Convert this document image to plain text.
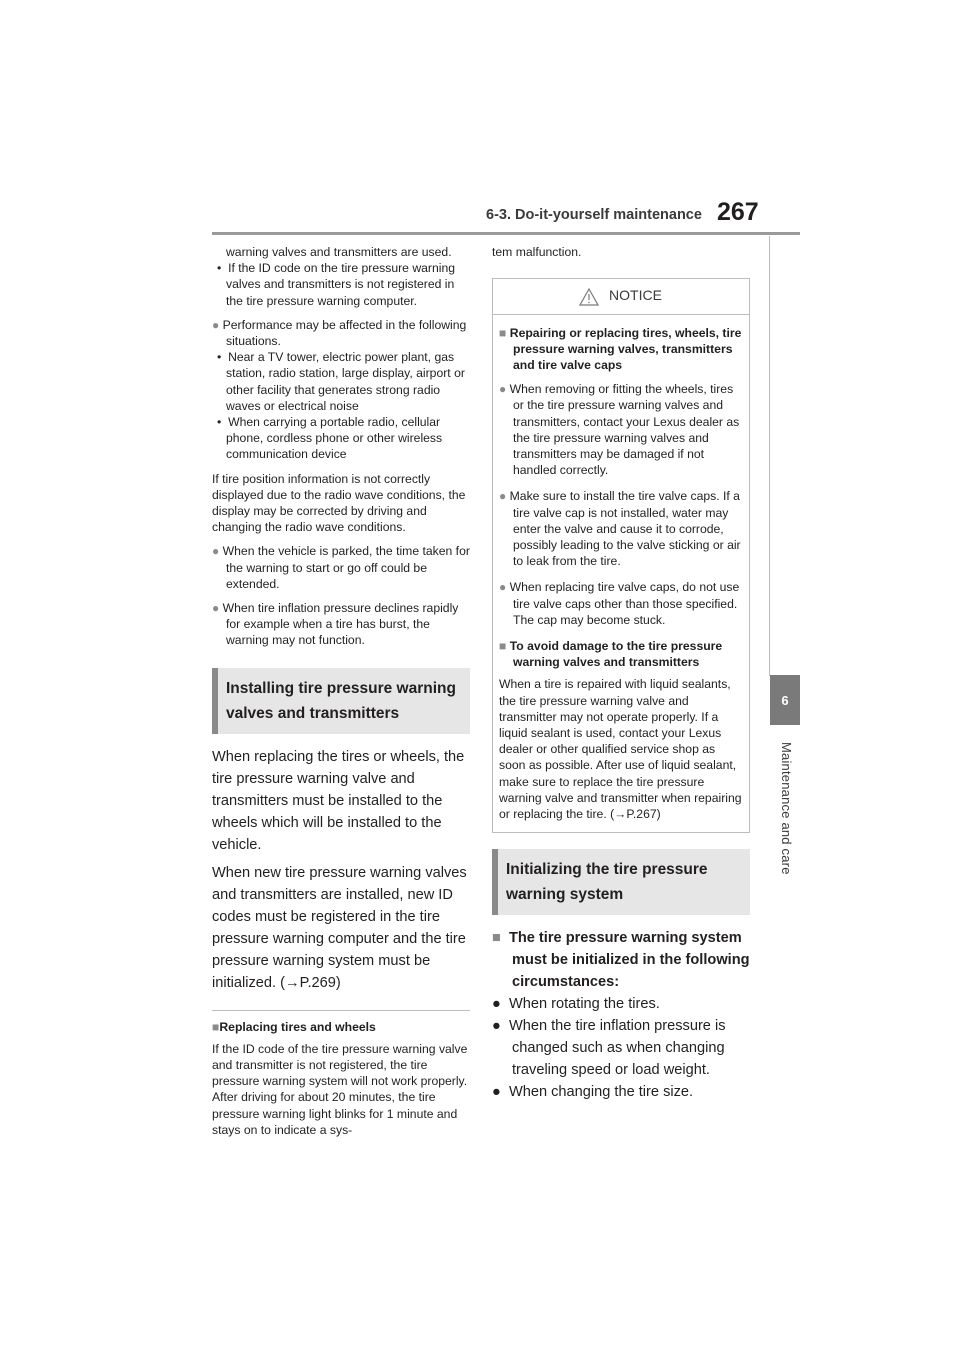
6-3. Do-it-yourself maintenance 267
6
Maintenance and care

warning valves and transmitters are used.

• If the ID code on the tire pressure warning valves and transmitters is not registered in the tire pressure warning computer.

● Performance may be affected in the following situations.

• Near a TV tower, electric power plant, gas station, radio station, large display, airport or other facility that generates strong radio waves or electrical noise

• When carrying a portable radio, cellular phone, cordless phone or other wireless communication device

If tire position information is not correctly displayed due to the radio wave conditions, the display may be corrected by driving and changing the radio wave conditions.

● When the vehicle is parked, the time taken for the warning to start or go off could be extended.

● When tire inflation pressure declines rapidly for example when a tire has burst, the warning may not function.

Installing tire pressure warning valves and transmitters

When replacing the tires or wheels, the tire pressure warning valve and transmitters must be installed to the wheels which will be installed to the vehicle.

When new tire pressure warning valves and transmitters are installed, new ID codes must be registered in the tire pressure warning computer and the tire pressure warning system must be initialized. (→P.269)

■Replacing tires and wheels

If the ID code of the tire pressure warning valve and transmitter is not registered, the tire pressure warning system will not work properly. After driving for about 20 minutes, the tire pressure warning light blinks for 1 minute and stays on to indicate a sys-

tem malfunction.

NOTICE

■ Repairing or replacing tires, wheels, tire pressure warning valves, transmitters and tire valve caps

● When removing or fitting the wheels, tires or the tire pressure warning valves and transmitters, contact your Lexus dealer as the tire pressure warning valves and transmitters may be damaged if not handled correctly.

● Make sure to install the tire valve caps. If a tire valve cap is not installed, water may enter the valve and cause it to corrode, possibly leading to the valve sticking or air to leak from the tire.

● When replacing tire valve caps, do not use tire valve caps other than those specified. The cap may become stuck.

■ To avoid damage to the tire pressure warning valves and transmitters

When a tire is repaired with liquid sealants, the tire pressure warning valve and transmitter may not operate properly. If a liquid sealant is used, contact your Lexus dealer or other qualified service shop as soon as possible. After use of liquid sealant, make sure to replace the tire pressure warning valve and transmitter when repairing or replacing the tire. (→P.267)

Initializing the tire pressure warning system

■ The tire pressure warning system must be initialized in the following circumstances:

● When rotating the tires.

● When the tire inflation pressure is changed such as when changing traveling speed or load weight.

● When changing the tire size.
